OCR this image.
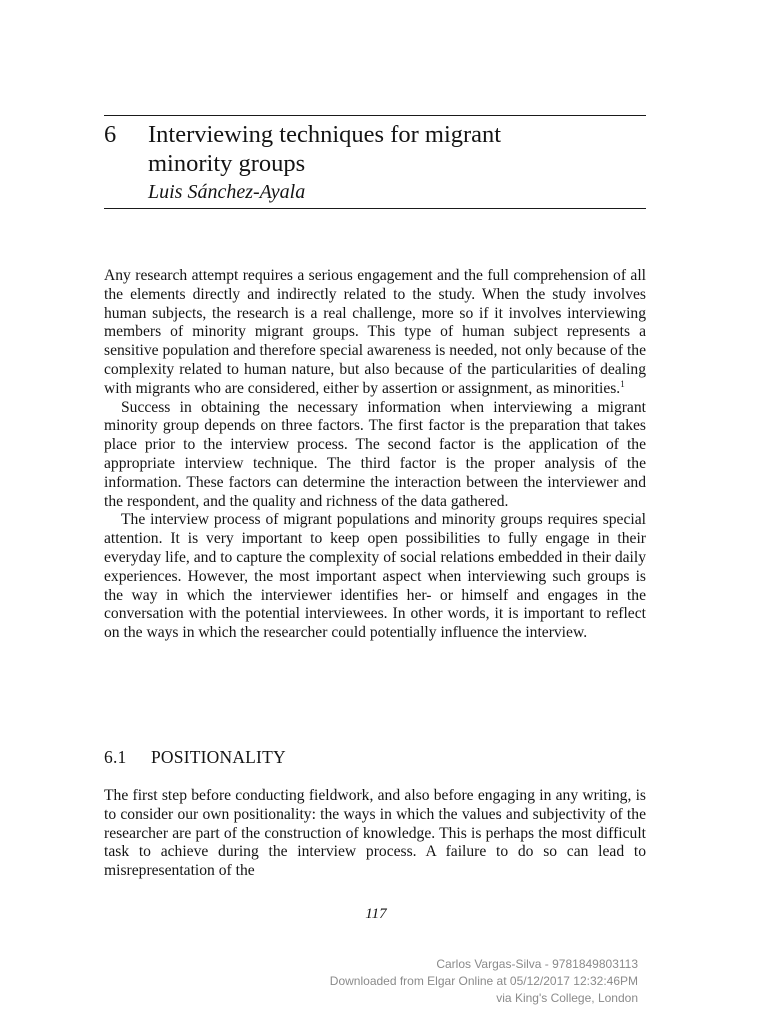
6 Interviewing techniques for migrant
minority groups
Luis Sánchez-Ayala

Any research attempt requires a serious engagement and the full comprehension of all the elements directly and indirectly related to the study. When the study involves human subjects, the research is a real challenge, more so if it involves interviewing members of minority migrant groups. This type of human subject represents a sensitive population and therefore special awareness is needed, not only because of the complexity related to human nature, but also because of the particularities of dealing with migrants who are considered, either by assertion or assignment, as minorities.$^1$

Success in obtaining the necessary information when interviewing a migrant minority group depends on three factors. The first factor is the preparation that takes place prior to the interview process. The second factor is the application of the appropriate interview technique. The third factor is the proper analysis of the information. These factors can determine the interaction between the interviewer and the respondent, and the quality and richness of the data gathered.

The interview process of migrant populations and minority groups requires special attention. It is very important to keep open possibilities to fully engage in their everyday life, and to capture the complexity of social relations embedded in their daily experiences. However, the most important aspect when interviewing such groups is the way in which the interviewer identifies her- or himself and engages in the conversation with the potential interviewees. In other words, it is important to reflect on the ways in which the researcher could potentially influence the interview.

6.1 POSITIONALITY

The first step before conducting fieldwork, and also before engaging in any writing, is to consider our own positionality: the ways in which the values and subjectivity of the researcher are part of the construction of knowledge. This is perhaps the most difficult task to achieve during the interview process. A failure to do so can lead to misrepresentation of the

117
Carlos Vargas-Silva - 9781849803113
Downloaded from Elgar Online at 05/12/2017 12:32:46PM
via King's College, London
